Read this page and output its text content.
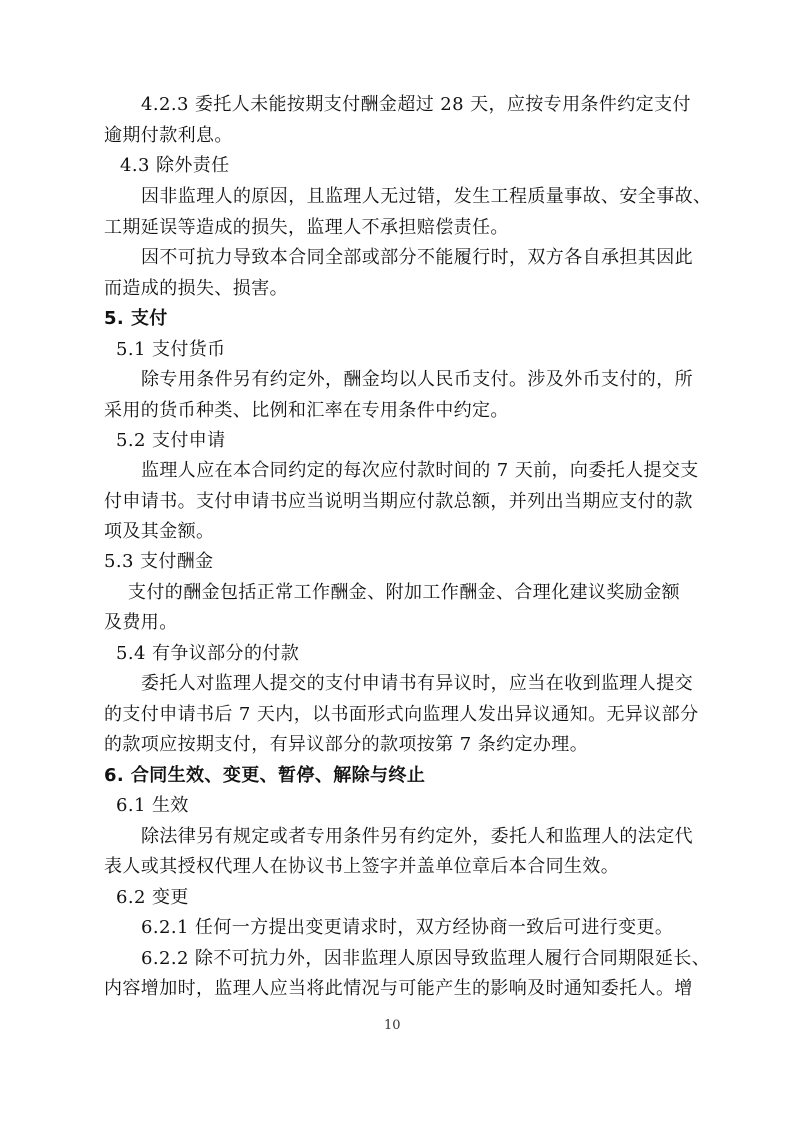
4.2.3 委托人未能按期支付酬金超过 28 天，应按专用条件约定支付
逾期付款利息。
4.3 除外责任
因非监理人的原因，且监理人无过错，发生工程质量事故、安全事故、
工期延误等造成的损失，监理人不承担赔偿责任。
因不可抗力导致本合同全部或部分不能履行时，双方各自承担其因此
而造成的损失、损害。
5. 支付
5.1 支付货币
除专用条件另有约定外，酬金均以人民币支付。涉及外币支付的，所
采用的货币种类、比例和汇率在专用条件中约定。
5.2 支付申请
监理人应在本合同约定的每次应付款时间的 7 天前，向委托人提交支
付申请书。支付申请书应当说明当期应付款总额，并列出当期应支付的款
项及其金额。
5.3 支付酬金
支付的酬金包括正常工作酬金、附加工作酬金、合理化建议奖励金额
及费用。
5.4 有争议部分的付款
委托人对监理人提交的支付申请书有异议时，应当在收到监理人提交
的支付申请书后 7 天内，以书面形式向监理人发出异议通知。无异议部分
的款项应按期支付，有异议部分的款项按第 7 条约定办理。
6. 合同生效、变更、暂停、解除与终止
6.1 生效
除法律另有规定或者专用条件另有约定外，委托人和监理人的法定代
表人或其授权代理人在协议书上签字并盖单位章后本合同生效。
6.2 变更
6.2.1 任何一方提出变更请求时，双方经协商一致后可进行变更。
6.2.2 除不可抗力外，因非监理人原因导致监理人履行合同期限延长、
内容增加时，监理人应当将此情况与可能产生的影响及时通知委托人。增
10
